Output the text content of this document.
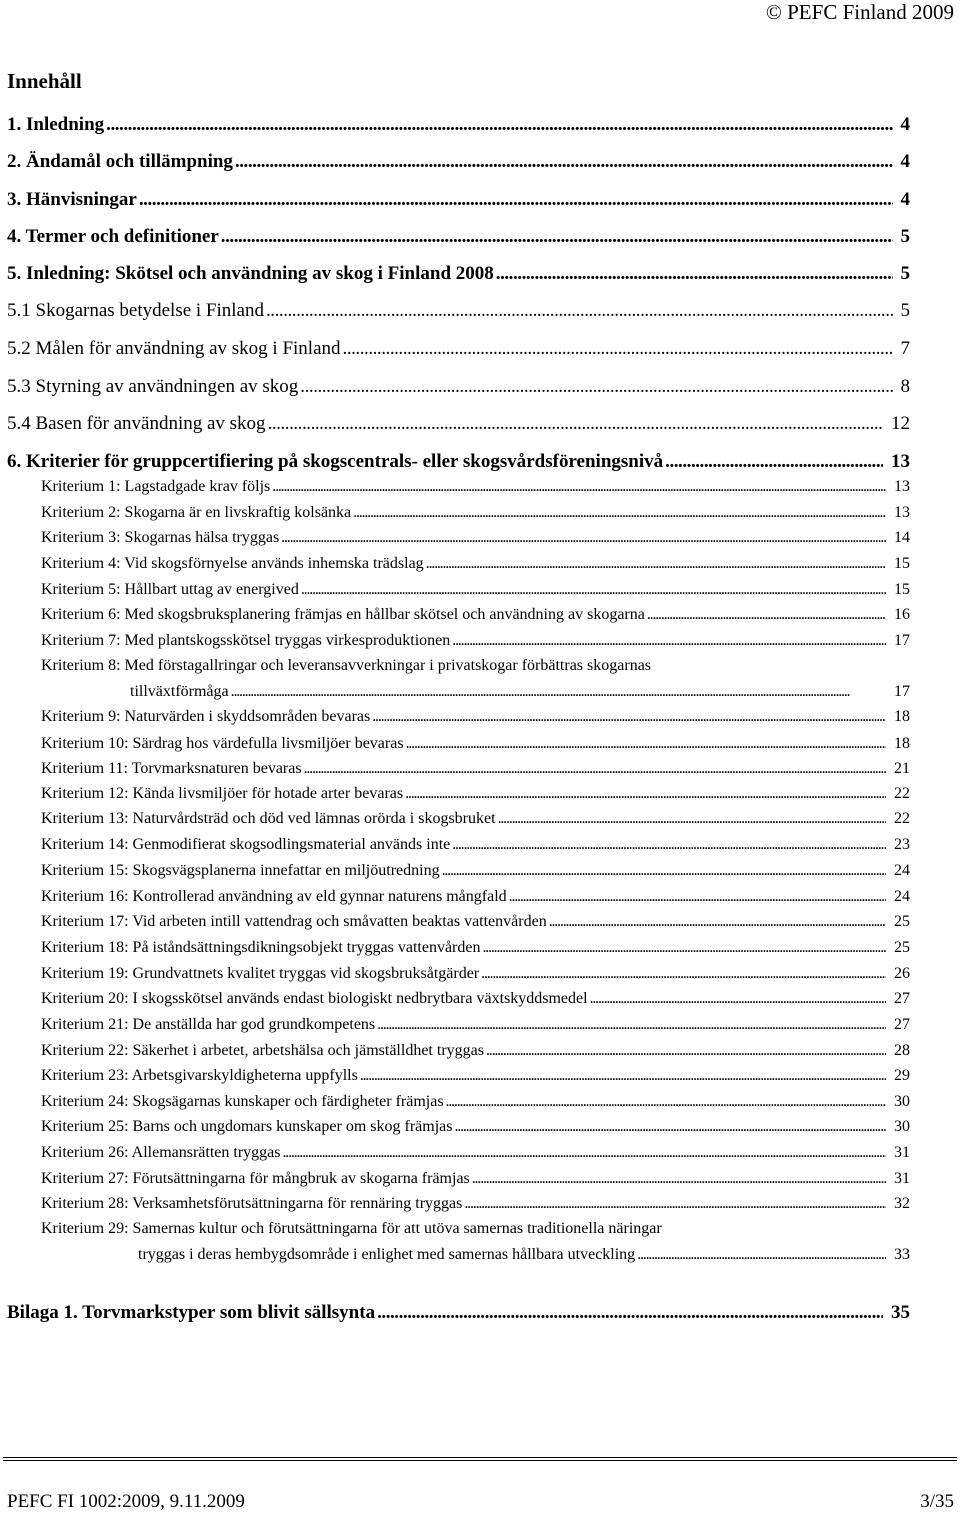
© PEFC Finland 2009
Innehåll
1. Inledning . . .	4
2. Ändamål och tillämpning . . .	4
3. Hänvisningar . . .	4
4. Termer och definitioner . . .	5
5. Inledning: Skötsel och användning av skog i Finland 2008 . . .	5
5.1 Skogarnas betydelse i Finland . . .	5
5.2 Målen för användning av skog i Finland . . .	7
5.3 Styrning av användningen av skog . . .	8
5.4 Basen för användning av skog . . .	12
6. Kriterier för gruppcertifiering på skogscentrals- eller skogsvårdsföreningsnivå . . .	13
Kriterium 1: Lagstadgade krav följs . . .	13
Kriterium 2: Skogarna är en livskraftig kolsänka . . .	13
Kriterium 3: Skogarnas hälsa tryggas . . .	14
Kriterium 4: Vid skogsförnyelse används inhemska trädslag . . .	15
Kriterium 5: Hållbart uttag av energived . . .	15
Kriterium 6: Med skogsbruksplanering främjas en hållbar skötsel och användning av skogarna . . .	16
Kriterium 7: Med plantskogsskötsel tryggas virkesproduktionen . . .	17
Kriterium 8: Med förstagallringar och leveransavverkningar i privatskogar förbättras skogarnas
tillväxtförmåga . . .	17
Kriterium 9: Naturvärden i skyddsområden bevaras . . .	18
Kriterium 10: Särdrag hos värdefulla livsmiljöer bevaras . . .	18
Kriterium 11: Torvmarksnaturen bevaras . . .	21
Kriterium 12: Kända livsmiljöer för hotade arter bevaras . . .	22
Kriterium 13: Naturvårdsträd och död ved lämnas orörda i skogsbruket . . .	22
Kriterium 14: Genmodifierat skogsodlingsmaterial används inte . . .	23
Kriterium 15: Skogsvägsplanerna innefattar en miljöutredning . . .	24
Kriterium 16: Kontrollerad användning av eld gynnar naturens mångfald . . .	24
Kriterium 17: Vid arbeten intill vattendrag och småvatten beaktas vattenvården . . .	25
Kriterium 18: På iståndsättningsdikningsobjekt tryggas vattenvården . . .	25
Kriterium 19: Grundvattnets kvalitet tryggas vid skogsbruksåtgärder . . .	26
Kriterium 20: I skogsskötsel används endast biologiskt nedbrytbara växtskyddsmedel . . .	27
Kriterium 21: De anställda har god grundkompetens . . .	27
Kriterium 22: Säkerhet i arbetet, arbetshälsa och jämställdhet tryggas . . .	28
Kriterium 23: Arbetsgivarskyldigheterna uppfylls . . .	29
Kriterium 24: Skogsägarnas kunskaper och färdigheter främjas . . .	30
Kriterium 25: Barns och ungdomars kunskaper om skog främjas . . .	30
Kriterium 26: Allemansrätten tryggas . . .	31
Kriterium 27: Förutsättningarna för mångbruk av skogarna främjas . . .	31
Kriterium 28: Verksamhetsförutsättningarna för rennäring tryggas . . .	32
Kriterium 29: Samernas kultur och förutsättningarna för att utöva samernas traditionella näringar
tryggas i deras hembygdsområde i enlighet med samernas hållbara utveckling . . .	33
Bilaga 1. Torvmarkstyper som blivit sällsynta . . .	35
PEFC FI 1002:2009, 9.11.2009	3/35
